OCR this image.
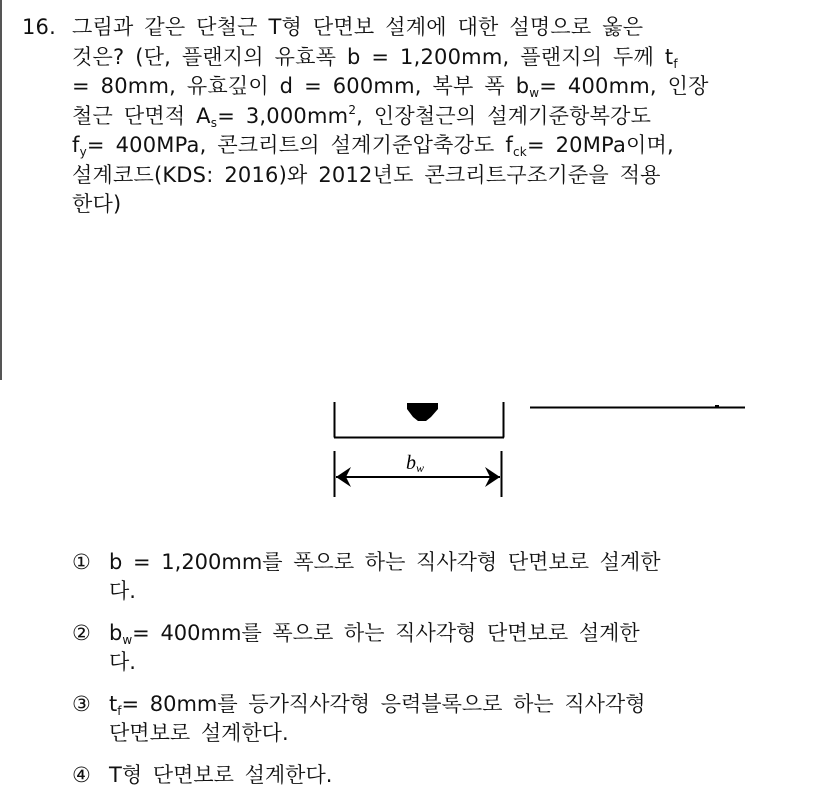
16. 그림과 같은 단철근 T형 단면보 설계에 대한 설명으로 옳은
것은? (단, 플랜지의 유효폭 b = 1,200mm, 플랜지의 두께 $t_f$
= 80mm, 유효깊이 d = 600mm, 복부 폭 $b_w= 400mm$, 인장
철근 단면적 $A_s= 3,000mm^2$, 인장철근의 설계기준항복강도
$f_y= 400MPa$, 콘크리트의 설계기준압축강도 $f_{ck}= 20MPa$이며,
설계코드(KDS: 2016)와 2012년도 콘크리트구조기준을 적용
한다)
bw
① b = 1,200mm를 폭으로 하는 직사각형 단면보로 설계한
다.
② $b_w= 400mm$를 폭으로 하는 직사각형 단면보로 설계한
다.
③ $t_f= 80mm$를 등가직사각형 응력블록으로 하는 직사각형
단면보로 설계한다.
④ T형 단면보로 설계한다.
